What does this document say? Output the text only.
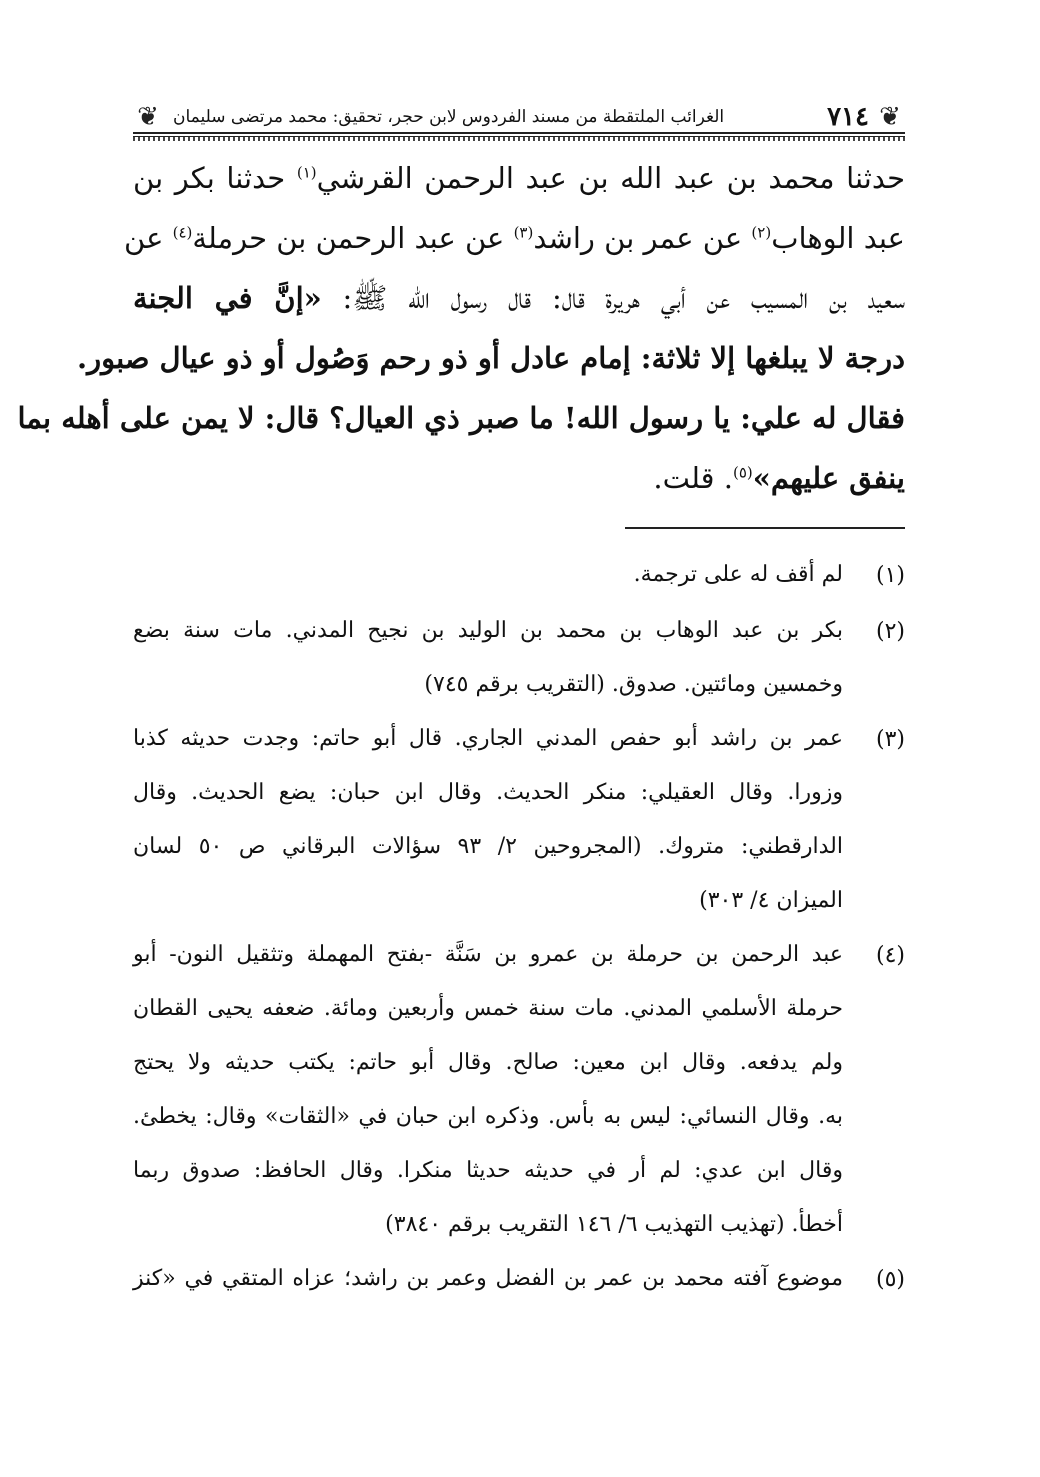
❦
٧١٤
الغرائب الملتقطة من مسند الفردوس لابن حجر، تحقيق: محمد مرتضى سليمان
❦
حدثنا محمد بن عبد الله بن عبد الرحمن القرشي$^{(١)}$ حدثنا بكر بن
عبد الوهاب$^{(٢)}$ عن عمر بن راشد$^{(٣)}$ عن عبد الرحمن بن حرملة$^{(٤)}$ عن
سعيد بن المسيب عن أبي هريرة قال: قال رسول الله ﷺ: «إنَّ في الجنة
درجة لا يبلغها إلا ثلاثة: إمام عادل أو ذو رحم وَصُول أو ذو عيال صبور.
فقال له علي: يا رسول الله! ما صبر ذي العيال؟ قال: لا يمن على أهله بما
ينفق عليهم»$^{(٥)}$. قلت.
(١)
لم أقف له على ترجمة.
(٢)
بكر بن عبد الوهاب بن محمد بن الوليد بن نجيح المدني. مات سنة بضع
وخمسين ومائتين. صدوق. (التقريب برقم ٧٤٥)
(٣)
عمر بن راشد أبو حفص المدني الجاري. قال أبو حاتم: وجدت حديثه كذبا
وزورا. وقال العقيلي: منكر الحديث. وقال ابن حبان: يضع الحديث. وقال
الدارقطني: متروك. (المجروحين ٢/ ٩٣ سؤالات البرقاني ص ٥٠ لسان
الميزان ٤/ ٣٠٣)
(٤)
عبد الرحمن بن حرملة بن عمرو بن سَنَّة -بفتح المهملة وتثقيل النون- أبو
حرملة الأسلمي المدني. مات سنة خمس وأربعين ومائة. ضعفه يحيى القطان
ولم يدفعه. وقال ابن معين: صالح. وقال أبو حاتم: يكتب حديثه ولا يحتج
به. وقال النسائي: ليس به بأس. وذكره ابن حبان في «الثقات» وقال: يخطئ.
وقال ابن عدي: لم أر في حديثه حديثا منكرا. وقال الحافظ: صدوق ربما
أخطأ. (تهذيب التهذيب ٦/ ١٤٦ التقريب برقم ٣٨٤٠)
(٥)
موضوع آفته محمد بن عمر بن الفضل وعمر بن راشد؛ عزاه المتقي في «كنز
